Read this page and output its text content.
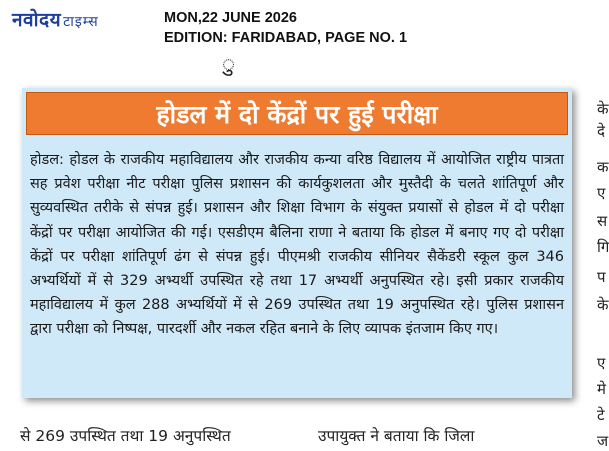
नवोदय टाइम्स	MON,22 JUNE 2026
EDITION: FARIDABAD, PAGE NO. 1
ु
होडल में दो केंद्रों पर हुई परीक्षा
होडल: होडल के राजकीय महाविद्यालय और राजकीय कन्या वरिष्ठ विद्यालय में आयोजित राष्ट्रीय पात्रता सह प्रवेश परीक्षा नीट परीक्षा पुलिस प्रशासन की कार्यकुशलता और मुस्तैदी के चलते शांतिपूर्ण और सुव्यवस्थित तरीके से संपन्न हुई। प्रशासन और शिक्षा विभाग के संयुक्त प्रयासों से होडल में दो परीक्षा केंद्रों पर परीक्षा आयोजित की गई। एसडीएम बैलिना राणा ने बताया कि होडल में बनाए गए दो परीक्षा केंद्रों पर परीक्षा शांतिपूर्ण ढंग से संपन्न हुई। पीएमश्री राजकीय सीनियर सैकेंडरी स्कूल कुल 346 अभ्यर्थियों में से 329 अभ्यर्थी उपस्थित रहे तथा 17 अभ्यर्थी अनुपस्थित रहे। इसी प्रकार राजकीय महाविद्यालय में कुल 288 अभ्यर्थियों में से 269 उपस्थित तथा 19 अनुपस्थित रहे। पुलिस प्रशासन द्वारा परीक्षा को निष्पक्ष, पारदर्शी और नकल रहित बनाने के लिए व्यापक इंतजाम किए गए।
के
दे
क
ए
स
गि
प
के
ए
मे
टे
ज
से 269 उपस्थित तथा 19 अनुपस्थित	उपायुक्त ने बताया कि जिला
